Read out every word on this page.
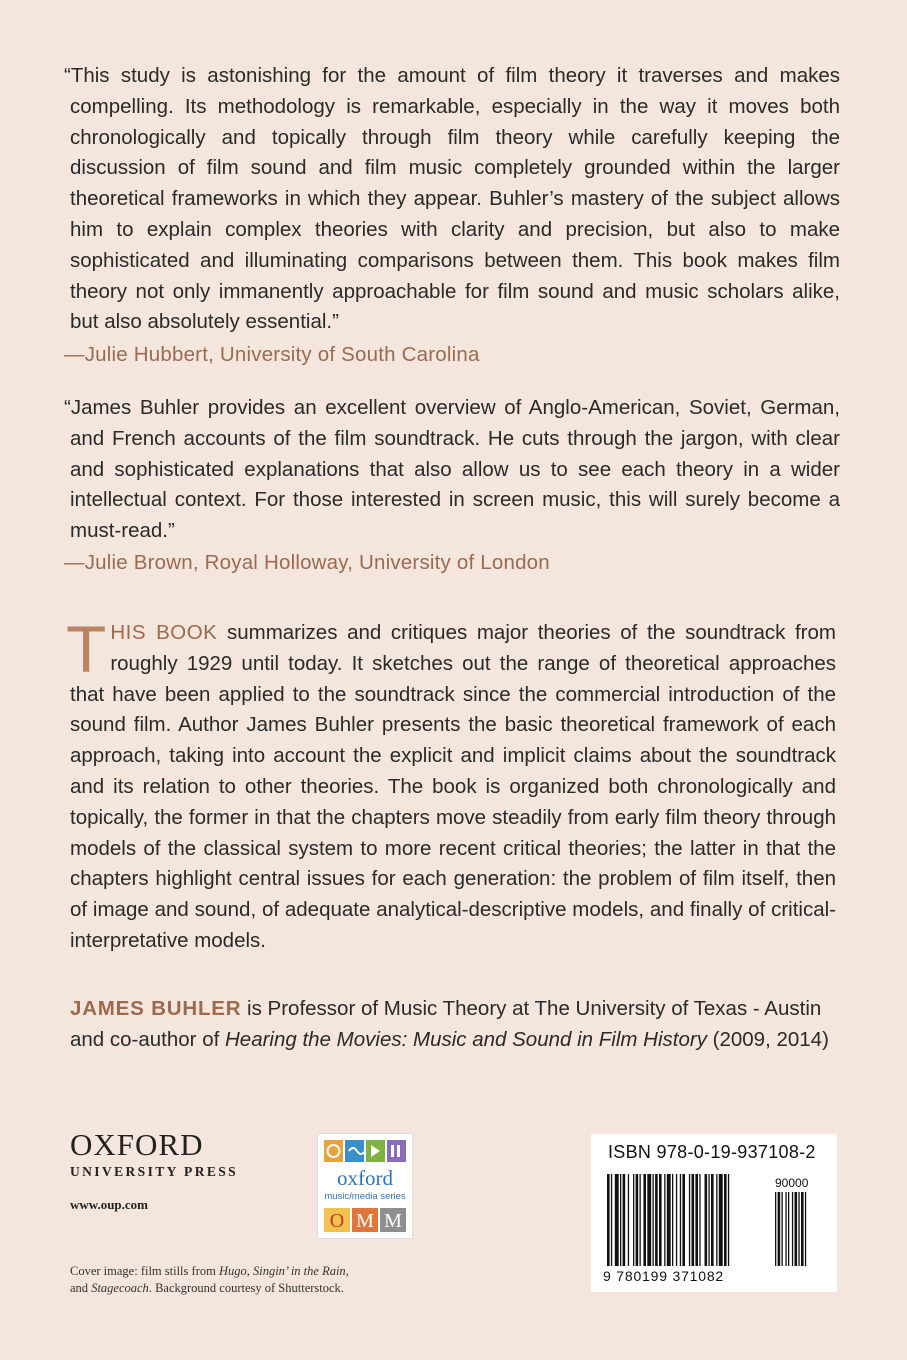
“This study is astonishing for the amount of film theory it traverses and makes compelling. Its methodology is remarkable, especially in the way it moves both chronologically and topically through film theory while carefully keeping the discussion of film sound and film music completely grounded within the larger theoretical frameworks in which they appear. Buhler’s mastery of the subject allows him to explain complex theories with clarity and precision, but also to make sophisticated and illuminating comparisons between them. This book makes film theory not only immanently approachable for film sound and music scholars alike, but also absolutely essential.”

—Julie Hubbert, University of South Carolina

“James Buhler provides an excellent overview of Anglo-American, Soviet, German, and French accounts of the film soundtrack. He cuts through the jargon, with clear and sophisticated explanations that also allow us to see each theory in a wider intellectual context. For those interested in screen music, this will surely become a must-read.”

—Julie Brown, Royal Holloway, University of London
THIS BOOK summarizes and critiques major theories of the soundtrack from roughly 1929 until today. It sketches out the range of theoretical approaches that have been applied to the soundtrack since the commercial introduction of the sound film. Author James Buhler presents the basic theoretical framework of each approach, taking into account the explicit and implicit claims about the soundtrack and its relation to other theories. The book is organized both chronologically and topically, the former in that the chapters move steadily from early film theory through models of the classical system to more recent critical theories; the latter in that the chapters highlight central issues for each generation: the problem of film itself, then of image and sound, of adequate analytical-descriptive models, and finally of critical-interpretative models.
JAMES BUHLER is Professor of Music Theory at The University of Texas - Austin and co-author of Hearing the Movies: Music and Sound in Film History (2009, 2014)
OXFORD
UNIVERSITY PRESS
www.oup.com
Cover image: film stills from Hugo, Singin’ in the Rain,
and Stagecoach. Background courtesy of Shutterstock.
oxford
music/media series
O M M
ISBN 978-0-19-937108-2
90000
9 780199 371082
